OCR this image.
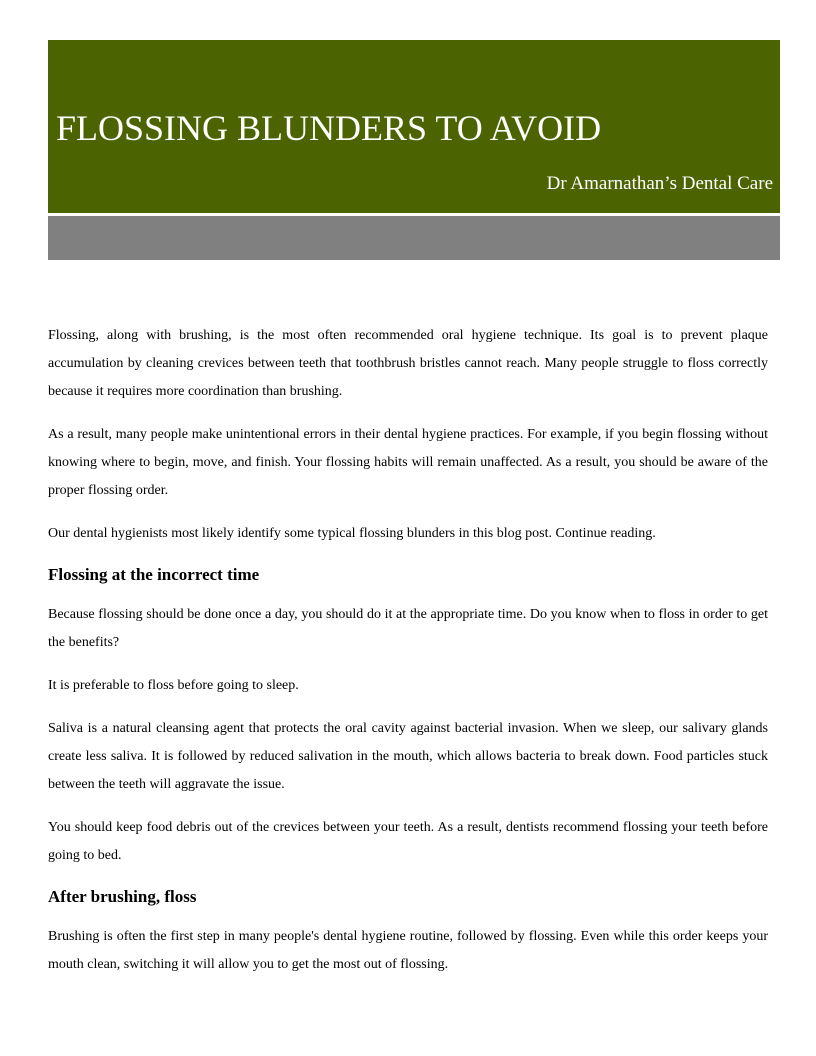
FLOSSING BLUNDERS TO AVOID

Dr Amarnathan’s Dental Care

Flossing, along with brushing, is the most often recommended oral hygiene technique. Its goal is to prevent plaque accumulation by cleaning crevices between teeth that toothbrush bristles cannot reach. Many people struggle to floss correctly because it requires more coordination than brushing.

As a result, many people make unintentional errors in their dental hygiene practices. For example, if you begin flossing without knowing where to begin, move, and finish. Your flossing habits will remain unaffected. As a result, you should be aware of the proper flossing order.

Our dental hygienists most likely identify some typical flossing blunders in this blog post. Continue reading.

Flossing at the incorrect time

Because flossing should be done once a day, you should do it at the appropriate time. Do you know when to floss in order to get the benefits?

It is preferable to floss before going to sleep.

Saliva is a natural cleansing agent that protects the oral cavity against bacterial invasion. When we sleep, our salivary glands create less saliva. It is followed by reduced salivation in the mouth, which allows bacteria to break down. Food particles stuck between the teeth will aggravate the issue.

You should keep food debris out of the crevices between your teeth. As a result, dentists recommend flossing your teeth before going to bed.

After brushing, floss

Brushing is often the first step in many people's dental hygiene routine, followed by flossing. Even while this order keeps your mouth clean, switching it will allow you to get the most out of flossing.
